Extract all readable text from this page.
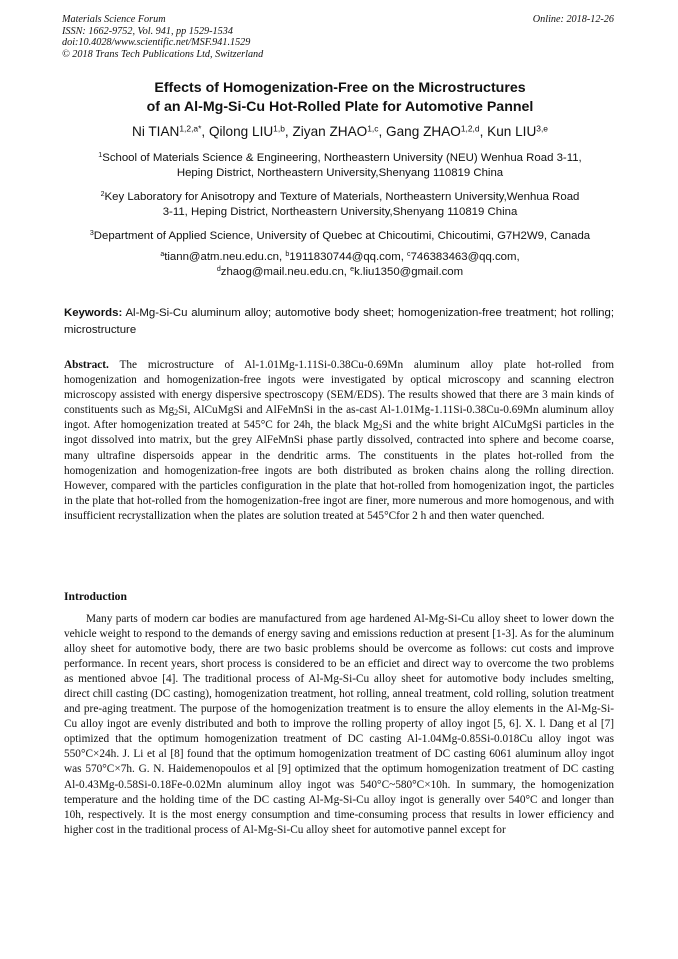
Materials Science Forum
ISSN: 1662-9752, Vol. 941, pp 1529-1534
doi:10.4028/www.scientific.net/MSF.941.1529
© 2018 Trans Tech Publications Ltd, Switzerland
Online: 2018-12-26
Effects of Homogenization-Free on the Microstructures
of an Al-Mg-Si-Cu Hot-Rolled Plate for Automotive Pannel
Ni $TIAN^{1,2,a*}$, Qilong LIU$^{1,b}$, Ziyan ZHAO$^{1,c}$, Gang ZHAO$^{1,2,d}$, Kun LIU$^{3,e}$
$^1$School of Materials Science & Engineering, Northeastern University (NEU) Wenhua Road 3-11,
Heping District, Northeastern University,Shenyang 110819 China
$^2$Key Laboratory for Anisotropy and Texture of Materials, Northeastern University,Wenhua Road
3-11, Heping District, Northeastern University,Shenyang 110819 China
$^3$Department of Applied Science, University of Quebec at Chicoutimi, Chicoutimi, G7H2W9, Canada
$^a$tiann@atm.neu.edu.cn, $^b$1911830744@qq.com, $^c$746383463@qq.com,
$^d$zhaog@mail.neu.edu.cn, $^e$k.liu1350@gmail.com
Keywords: Al-Mg-Si-Cu aluminum alloy; automotive body sheet; homogenization-free treatment; hot rolling; microstructure
Abstract. The microstructure of Al-1.01Mg-1.11Si-0.38Cu-0.69Mn aluminum alloy plate hot-rolled from homogenization and homogenization-free ingots were investigated by optical microscopy and scanning electron microscopy assisted with energy dispersive spectroscopy (SEM/EDS). The results showed that there are 3 main kinds of constituents such as $Mg_2Si$, AlCuMgSi and AlFeMnSi in the as-cast Al-1.01Mg-1.11Si-0.38Cu-0.69Mn aluminum alloy ingot. After homogenization treated at 545°C for 24h, the black $Mg_2Si$ and the white bright AlCuMgSi particles in the ingot dissolved into matrix, but the grey AlFeMnSi phase partly dissolved, contracted into sphere and become coarse, many ultrafine dispersoids appear in the dendritic arms. The constituents in the plates hot-rolled from the homogenization and homogenization-free ingots are both distributed as broken chains along the rolling direction. However, compared with the particles configuration in the plate that hot-rolled from homogenization ingot, the particles in the plate that hot-rolled from the homogenization-free ingot are finer, more numerous and more homogenous, and with insufficient recrystallization when the plates are solution treated at 545°Cfor 2 h and then water quenched.
Introduction
Many parts of modern car bodies are manufactured from age hardened Al-Mg-Si-Cu alloy sheet to lower down the vehicle weight to respond to the demands of energy saving and emissions reduction at present [1-3]. As for the aluminum alloy sheet for automotive body, there are two basic problems should be overcome as follows: cut costs and improve performance. In recent years, short process is considered to be an efficiet and direct way to overcome the two problems as mentioned abvoe [4]. The traditional process of Al-Mg-Si-Cu alloy sheet for automotive body includes smelting, direct chill casting (DC casting), homogenization treatment, hot rolling, anneal treatment, cold rolling, solution treatment and pre-aging treatment. The purpose of the homogenization treatment is to ensure the alloy elements in the Al-Mg-Si-Cu alloy ingot are evenly distributed and both to improve the rolling property of alloy ingot [5, 6]. X. l. Dang et al [7] optimized that the optimum homogenization treatment of DC casting Al-1.04Mg-0.85Si-0.018Cu alloy ingot was 550°C×24h. J. Li et al [8] found that the optimum homogenization treatment of DC casting 6061 aluminum alloy ingot was 570°C×7h. G. N. Haidemenopoulos et al [9] optimized that the optimum homogenization treatment of DC casting Al-0.43Mg-0.58Si-0.18Fe-0.02Mn aluminum alloy ingot was 540°C~580°C×10h. In summary, the homogenization temperature and the holding time of the DC casting Al-Mg-Si-Cu alloy ingot is generally over 540°C and longer than 10h, respectively. It is the most energy consumption and time-consuming process that results in lower efficiency and higher cost in the traditional process of Al-Mg-Si-Cu alloy sheet for automotive pannel except for
